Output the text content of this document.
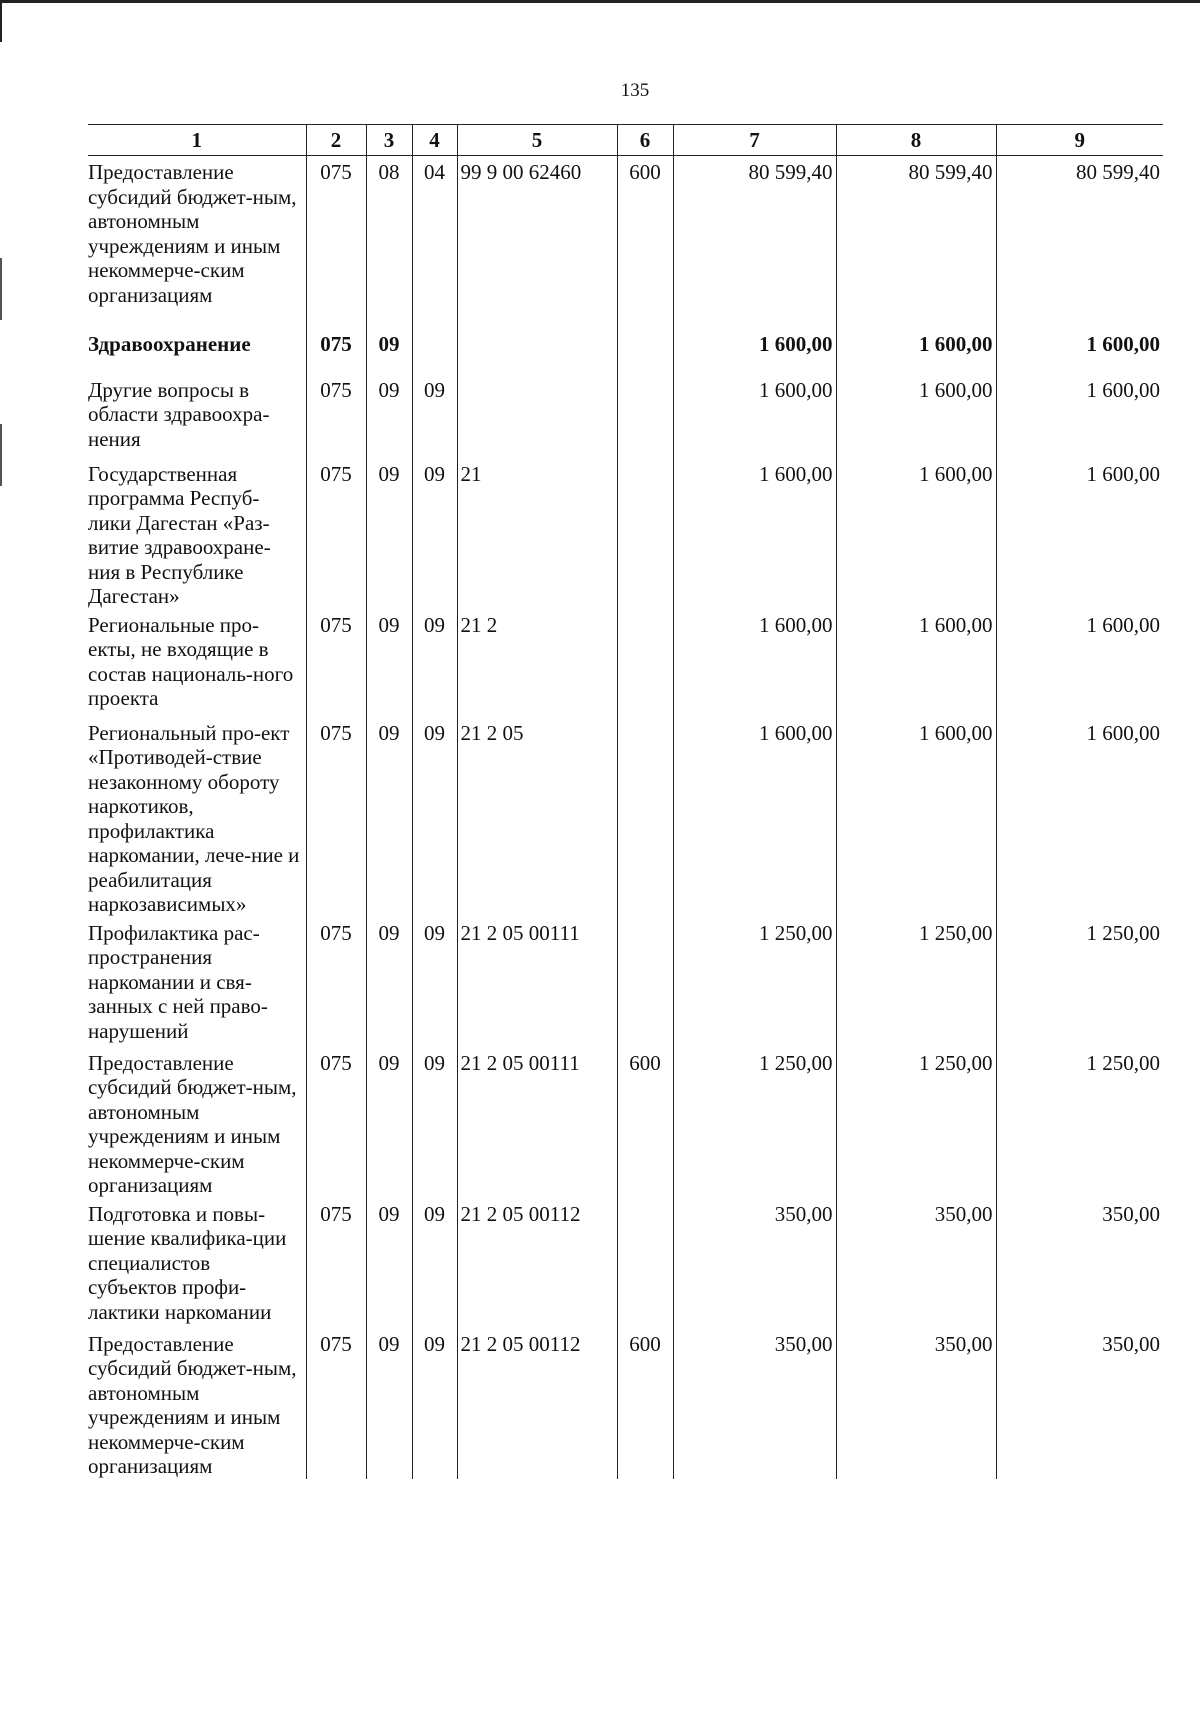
135
1	2	3	4	5	6	7	8	9
Предоставление субсидий бюджет-ным, автономным учреждениям и иным некоммерче-ским организациям	075	08	04	99 9 00 62460	600	80 599,40	80 599,40	80 599,40
Здравоохранение	075	09				1 600,00	1 600,00	1 600,00
Другие вопросы в области здравоохра-нения	075	09	09			1 600,00	1 600,00	1 600,00
Государственная программа Респуб-лики Дагестан «Раз-витие здравоохране-ния в Республике Дагестан»	075	09	09	21		1 600,00	1 600,00	1 600,00
Региональные про-екты, не входящие в состав националь-ного проекта	075	09	09	21 2		1 600,00	1 600,00	1 600,00
Региональный про-ект «Противодей-ствие незаконному обороту наркотиков, профилактика наркомании, лече-ние и реабилитация наркозависимых»	075	09	09	21 2 05		1 600,00	1 600,00	1 600,00
Профилактика рас-пространения наркомании и свя-занных с ней право-нарушений	075	09	09	21 2 05 00111		1 250,00	1 250,00	1 250,00
Предоставление субсидий бюджет-ным, автономным учреждениям и иным некоммерче-ским организациям	075	09	09	21 2 05 00111	600	1 250,00	1 250,00	1 250,00
Подготовка и повы-шение квалифика-ции специалистов субъектов профи-лактики наркомании	075	09	09	21 2 05 00112		350,00	350,00	350,00
Предоставление субсидий бюджет-ным, автономным учреждениям и иным некоммерче-ским организациям	075	09	09	21 2 05 00112	600	350,00	350,00	350,00
